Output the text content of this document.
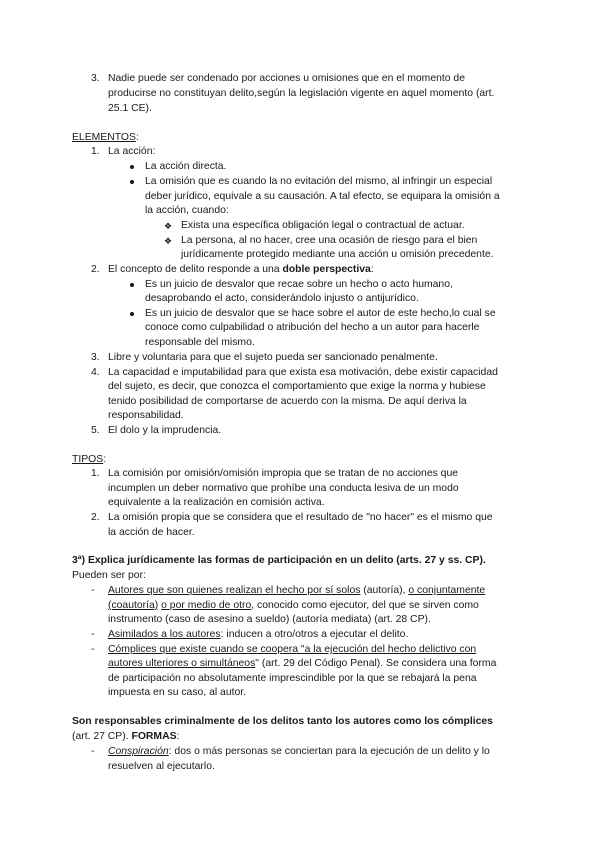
3. Nadie puede ser condenado por acciones u omisiones que en el momento de
producirse no constituyan delito,según la legislación vigente en aquel momento (art.
25.1 CE).
ELEMENTOS:
1. La acción:
La acción directa.
La omisión que es cuando la no evitación del mismo, al infringir un especial
deber jurídico, equivale a su causación. A tal efecto, se equipara la omisión a
la acción, cuando:
❖ Exista una específica obligación legal o contractual de actuar.
❖ La persona, al no hacer, cree una ocasión de riesgo para el bien
jurídicamente protegido mediante una acción u omisión precedente.
2. El concepto de delito responde a una doble perspectiva:
Es un juicio de desvalor que recae sobre un hecho o acto humano,
desaprobando el acto, considerándolo injusto o antijurídico.
Es un juicio de desvalor que se hace sobre el autor de este hecho,lo cual se
conoce como culpabilidad o atribución del hecho a un autor para hacerle
responsable del mismo.
3. Libre y voluntaria para que el sujeto pueda ser sancionado penalmente.
4. La capacidad e imputabilidad para que exista esa motivación, debe existir capacidad
del sujeto, es decir, que conozca el comportamiento que exige la norma y hubiese
tenido posibilidad de comportarse de acuerdo con la misma. De aquí deriva la
responsabilidad.
5. El dolo y la imprudencia.
TIPOS:
1. La comisión por omisión/omisión impropia que se tratan de no acciones que
incumplen un deber normativo que prohíbe una conducta lesiva de un modo
equivalente a la realización en comisión activa.
2. La omisión propia que se considera que el resultado de "no hacer" es el mismo que
la acción de hacer.
3ª) Explica jurídicamente las formas de participación en un delito (arts. 27 y ss. CP).
Pueden ser por:
- Autores que son quienes realizan el hecho por sí solos (autoría), o conjuntamente
(coautoría) o por medio de otro, conocido como ejecutor, del que se sirven como
instrumento (caso de asesino a sueldo) (autoría mediata) (art. 28 CP).
- Asimilados a los autores: inducen a otro/otros a ejecutar el delito.
- Cómplices que existe cuando se coopera "a la ejecución del hecho delictivo con
autores ulteriores o simultáneos" (art. 29 del Código Penal). Se considera una forma
de participación no absolutamente imprescindible por la que se rebajará la pena
impuesta en su caso, al autor.
Son responsables criminalmente de los delitos tanto los autores como los cómplices
(art. 27 CP). FORMAS:
- Conspiración: dos o más personas se conciertan para la ejecución de un delito y lo
resuelven al ejecutarlo.
